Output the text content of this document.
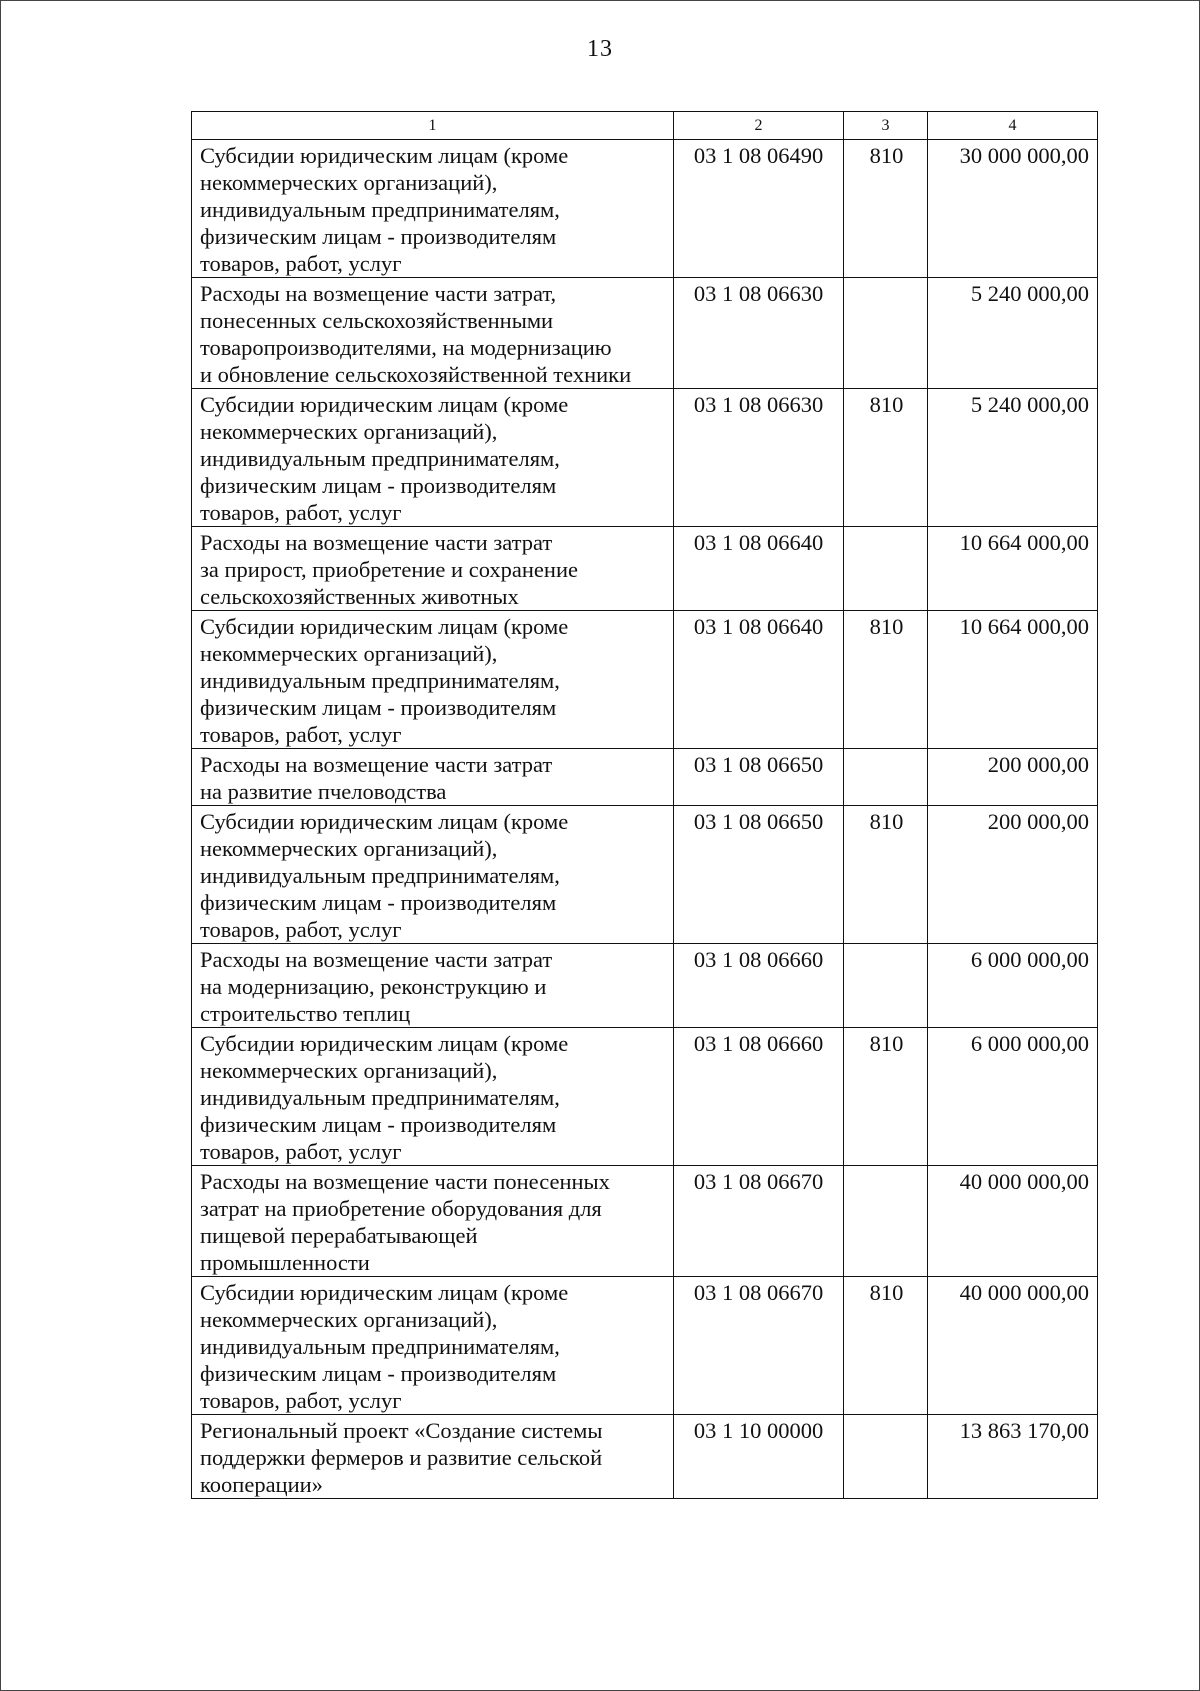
13
1	2	3	4
Субсидии юридическим лицам (кроме
некоммерческих организаций),
индивидуальным предпринимателям,
физическим лицам - производителям
товаров, работ, услуг	03 1 08 06490	810	30 000 000,00
Расходы на возмещение части затрат,
понесенных сельскохозяйственными
товаропроизводителями, на модернизацию
и обновление сельскохозяйственной техники	03 1 08 06630		5 240 000,00
Субсидии юридическим лицам (кроме
некоммерческих организаций),
индивидуальным предпринимателям,
физическим лицам - производителям
товаров, работ, услуг	03 1 08 06630	810	5 240 000,00
Расходы на возмещение части затрат
за прирост, приобретение и сохранение
сельскохозяйственных животных	03 1 08 06640		10 664 000,00
Субсидии юридическим лицам (кроме
некоммерческих организаций),
индивидуальным предпринимателям,
физическим лицам - производителям
товаров, работ, услуг	03 1 08 06640	810	10 664 000,00
Расходы на возмещение части затрат
на развитие пчеловодства	03 1 08 06650		200 000,00
Субсидии юридическим лицам (кроме
некоммерческих организаций),
индивидуальным предпринимателям,
физическим лицам - производителям
товаров, работ, услуг	03 1 08 06650	810	200 000,00
Расходы на возмещение части затрат
на модернизацию, реконструкцию и
строительство теплиц	03 1 08 06660		6 000 000,00
Субсидии юридическим лицам (кроме
некоммерческих организаций),
индивидуальным предпринимателям,
физическим лицам - производителям
товаров, работ, услуг	03 1 08 06660	810	6 000 000,00
Расходы на возмещение части понесенных
затрат на приобретение оборудования для
пищевой перерабатывающей
промышленности	03 1 08 06670		40 000 000,00
Субсидии юридическим лицам (кроме
некоммерческих организаций),
индивидуальным предпринимателям,
физическим лицам - производителям
товаров, работ, услуг	03 1 08 06670	810	40 000 000,00
Региональный проект «Создание системы
поддержки фермеров и развитие сельской
кооперации»	03 1 10 00000		13 863 170,00
